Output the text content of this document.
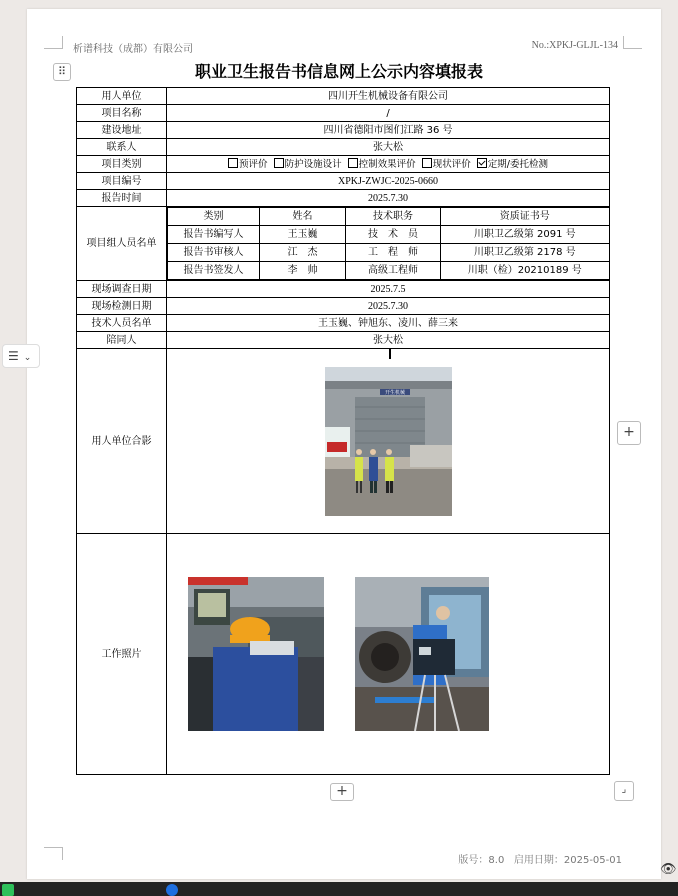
析谱科技（成都）有限公司	No.:XPKJ-GLJL-134
⠿	职业卫生报告书信息网上公示内容填报表
用人单位	四川开生机械设备有限公司
项目名称	/
建设地址	四川省德阳市图们江路 36 号
联系人	张大松
项目类别	预评价 防护设施设计 控制效果评价 现状评价 定期/委托检测
项目编号	XPKJ-ZWJC-2025-0660
报告时间	2025.7.30
项目组人员名单	
类别	姓名	技术职务	资质证书号
报告书编写人	王玉巍	技　术　员	川职卫乙级第 2091 号
报告书审核人	江　杰	工　程　师	川职卫乙级第 2178 号
报告书签发人	李　帅	高级工程师	川职（检）20210189 号

现场调查日期	2025.7.5
现场检测日期	2025.7.30
技术人员名单	王玉巍、钟旭东、凌川、薛三来
陪同人	张大松
用人单位合影	
开生机械

工作照片	
☰ ⌄
+
+	⌟
版号：8.0 启用日期：2025-05-01
👁
